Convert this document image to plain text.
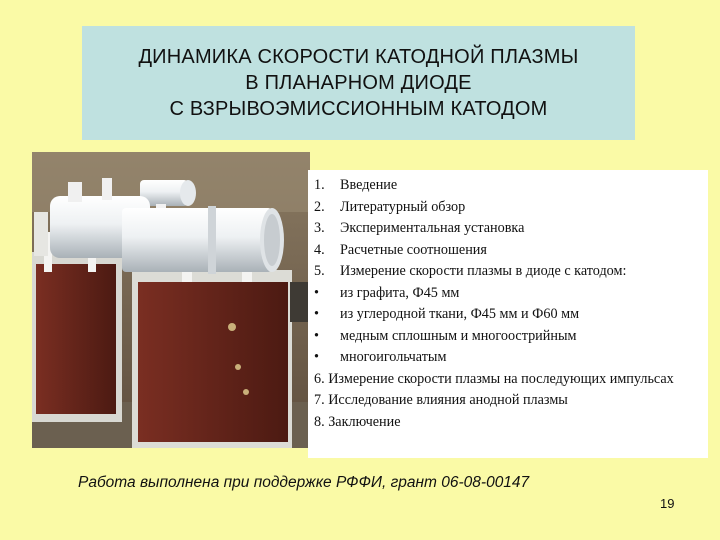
ДИНАМИКА СКОРОСТИ КАТОДНОЙ ПЛАЗМЫ
В ПЛАНАРНОМ ДИОДЕ
С ВЗРЫВОЭМИССИОННЫМ КАТОДОМ
1.	Введение
2.	Литературный обзор
3.	Экспериментальная установка
4.	Расчетные соотношения
5.	Измерение скорости плазмы в диоде с катодом:
•	из графита, Ф45 мм
•	из углеродной ткани, Ф45 мм и Ф60 мм
•	медным сплошным и многоострийным
•	многоигольчатым
6. Измерение скорости плазмы на последующих импульсах
7. Исследование влияния анодной плазмы
8. Заключение
Работа выполнена при поддержке РФФИ, грант 06-08-00147
19
